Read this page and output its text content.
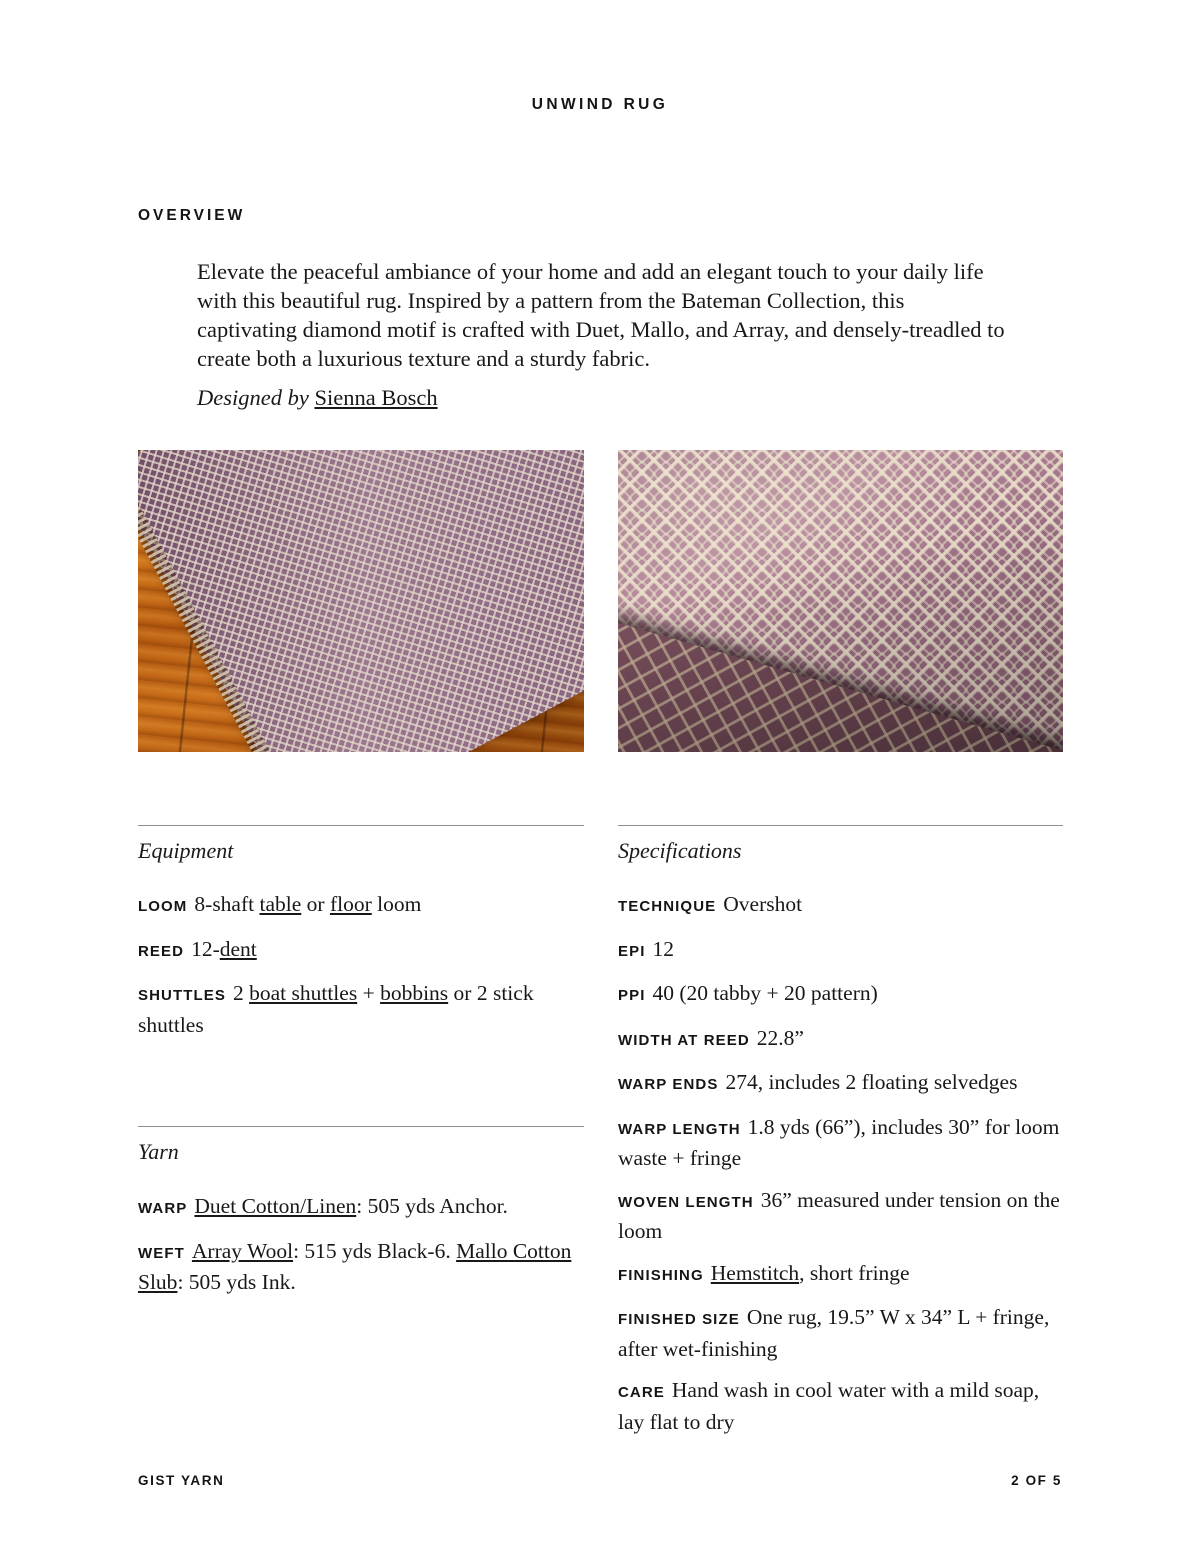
UNWIND RUG
OVERVIEW
Elevate the peaceful ambiance of your home and add an elegant touch to your daily life with this beautiful rug. Inspired by a pattern from the Bateman Collection, this captivating diamond motif is crafted with Duet, Mallo, and Array, and densely-treadled to create both a luxurious texture and a sturdy fabric.
Designed by Sienna Bosch
Equipment
LOOM 8-shaft table or floor loom
REED 12-dent
SHUTTLES 2 boat shuttles + bobbins or 2 stick shuttles
Yarn
WARP Duet Cotton/Linen: 505 yds Anchor.
WEFT Array Wool: 515 yds Black-6. Mallo Cotton Slub: 505 yds Ink.
Specifications
TECHNIQUE Overshot
EPI 12
PPI 40 (20 tabby + 20 pattern)
WIDTH AT REED 22.8”
WARP ENDS 274, includes 2 floating selvedges
WARP LENGTH 1.8 yds (66”), includes 30” for loom waste + fringe
WOVEN LENGTH 36” measured under tension on the loom
FINISHING Hemstitch, short fringe
FINISHED SIZE One rug, 19.5” W x 34” L + fringe, after wet-finishing
CARE Hand wash in cool water with a mild soap, lay flat to dry
GIST YARN	2 OF 5
